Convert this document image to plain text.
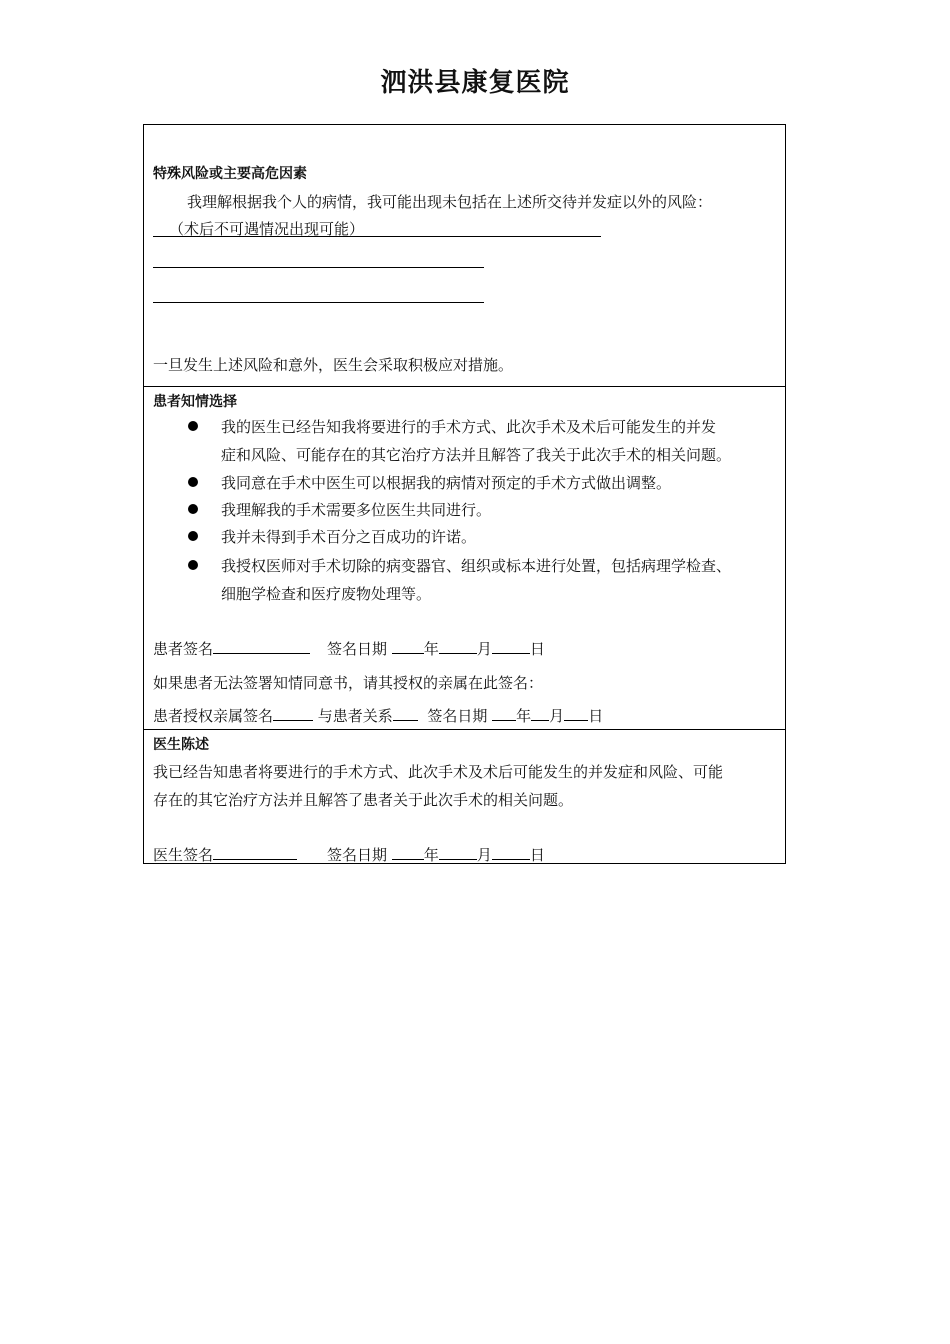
泗洪县康复医院
特殊风险或主要高危因素
我理解根据我个人的病情，我可能出现未包括在上述所交待并发症以外的风险：
（术后不可遇情况出现可能）
一旦发生上述风险和意外，医生会采取积极应对措施。
患者知情选择
我的医生已经告知我将要进行的手术方式、此次手术及术后可能发生的并发
症和风险、可能存在的其它治疗方法并且解答了我关于此次手术的相关问题。
我同意在手术中医生可以根据我的病情对预定的手术方式做出调整。
我理解我的手术需要多位医生共同进行。
我并未得到手术百分之百成功的许诺。
我授权医师对手术切除的病变器官、组织或标本进行处置，包括病理学检查、
细胞学检查和医疗废物处理等。
患者签名	签名日期 年	月	日
如果患者无法签署知情同意书，请其授权的亲属在此签名：
患者授权亲属签名	与患者关系 签名日期 年 月 日
医生陈述
我已经告知患者将要进行的手术方式、此次手术及术后可能发生的并发症和风险、可能
存在的其它治疗方法并且解答了患者关于此次手术的相关问题。
医生签名	签名日期 年	月	日
